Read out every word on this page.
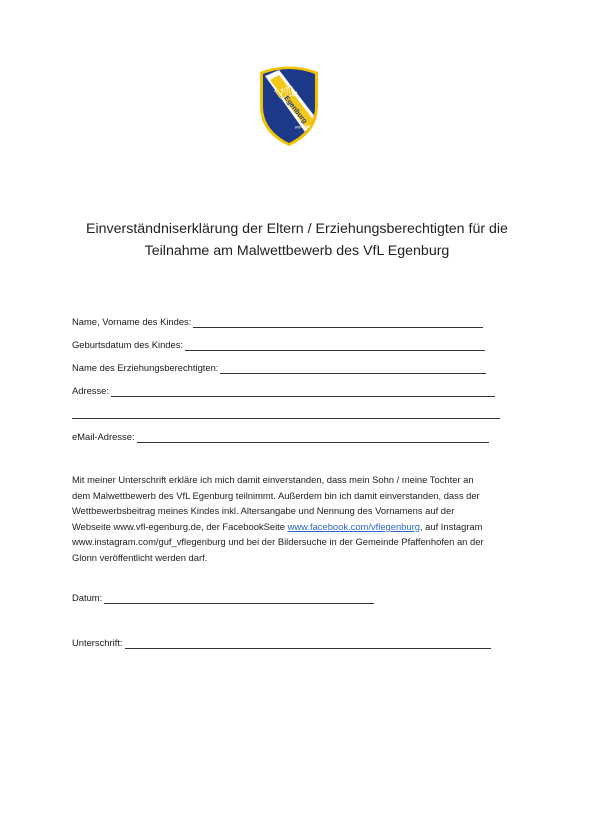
VfL
Egenburg
gegr. 1948
Einverständniserklärung der Eltern / Erziehungsberechtigten für die
Teilnahme am Malwettbewerb des VfL Egenburg
Name, Vorname des Kindes:
Geburtsdatum des Kindes:
Name des Erziehungsberechtigten:
Adresse:
eMail-Adresse:

Mit meiner Unterschrift erkläre ich mich damit einverstanden, dass mein Sohn / meine Tochter an

dem Malwettbewerb des VfL Egenburg teilnimmt. Außerdem bin ich damit einverstanden, dass der

Wettbewerbsbeitrag meines Kindes inkl. Altersangabe und Nennung des Vornamens auf der

Webseite www.vfl-egenburg.de, der FacebookSeite www.facebook.com/vflegenburg, auf Instagram

www.instagram.com/guf_vflegenburg und bei der Bildersuche in der Gemeinde Pfaffenhofen an der

Glonn veröffentlicht werden darf.

Datum:
Unterschrift:
